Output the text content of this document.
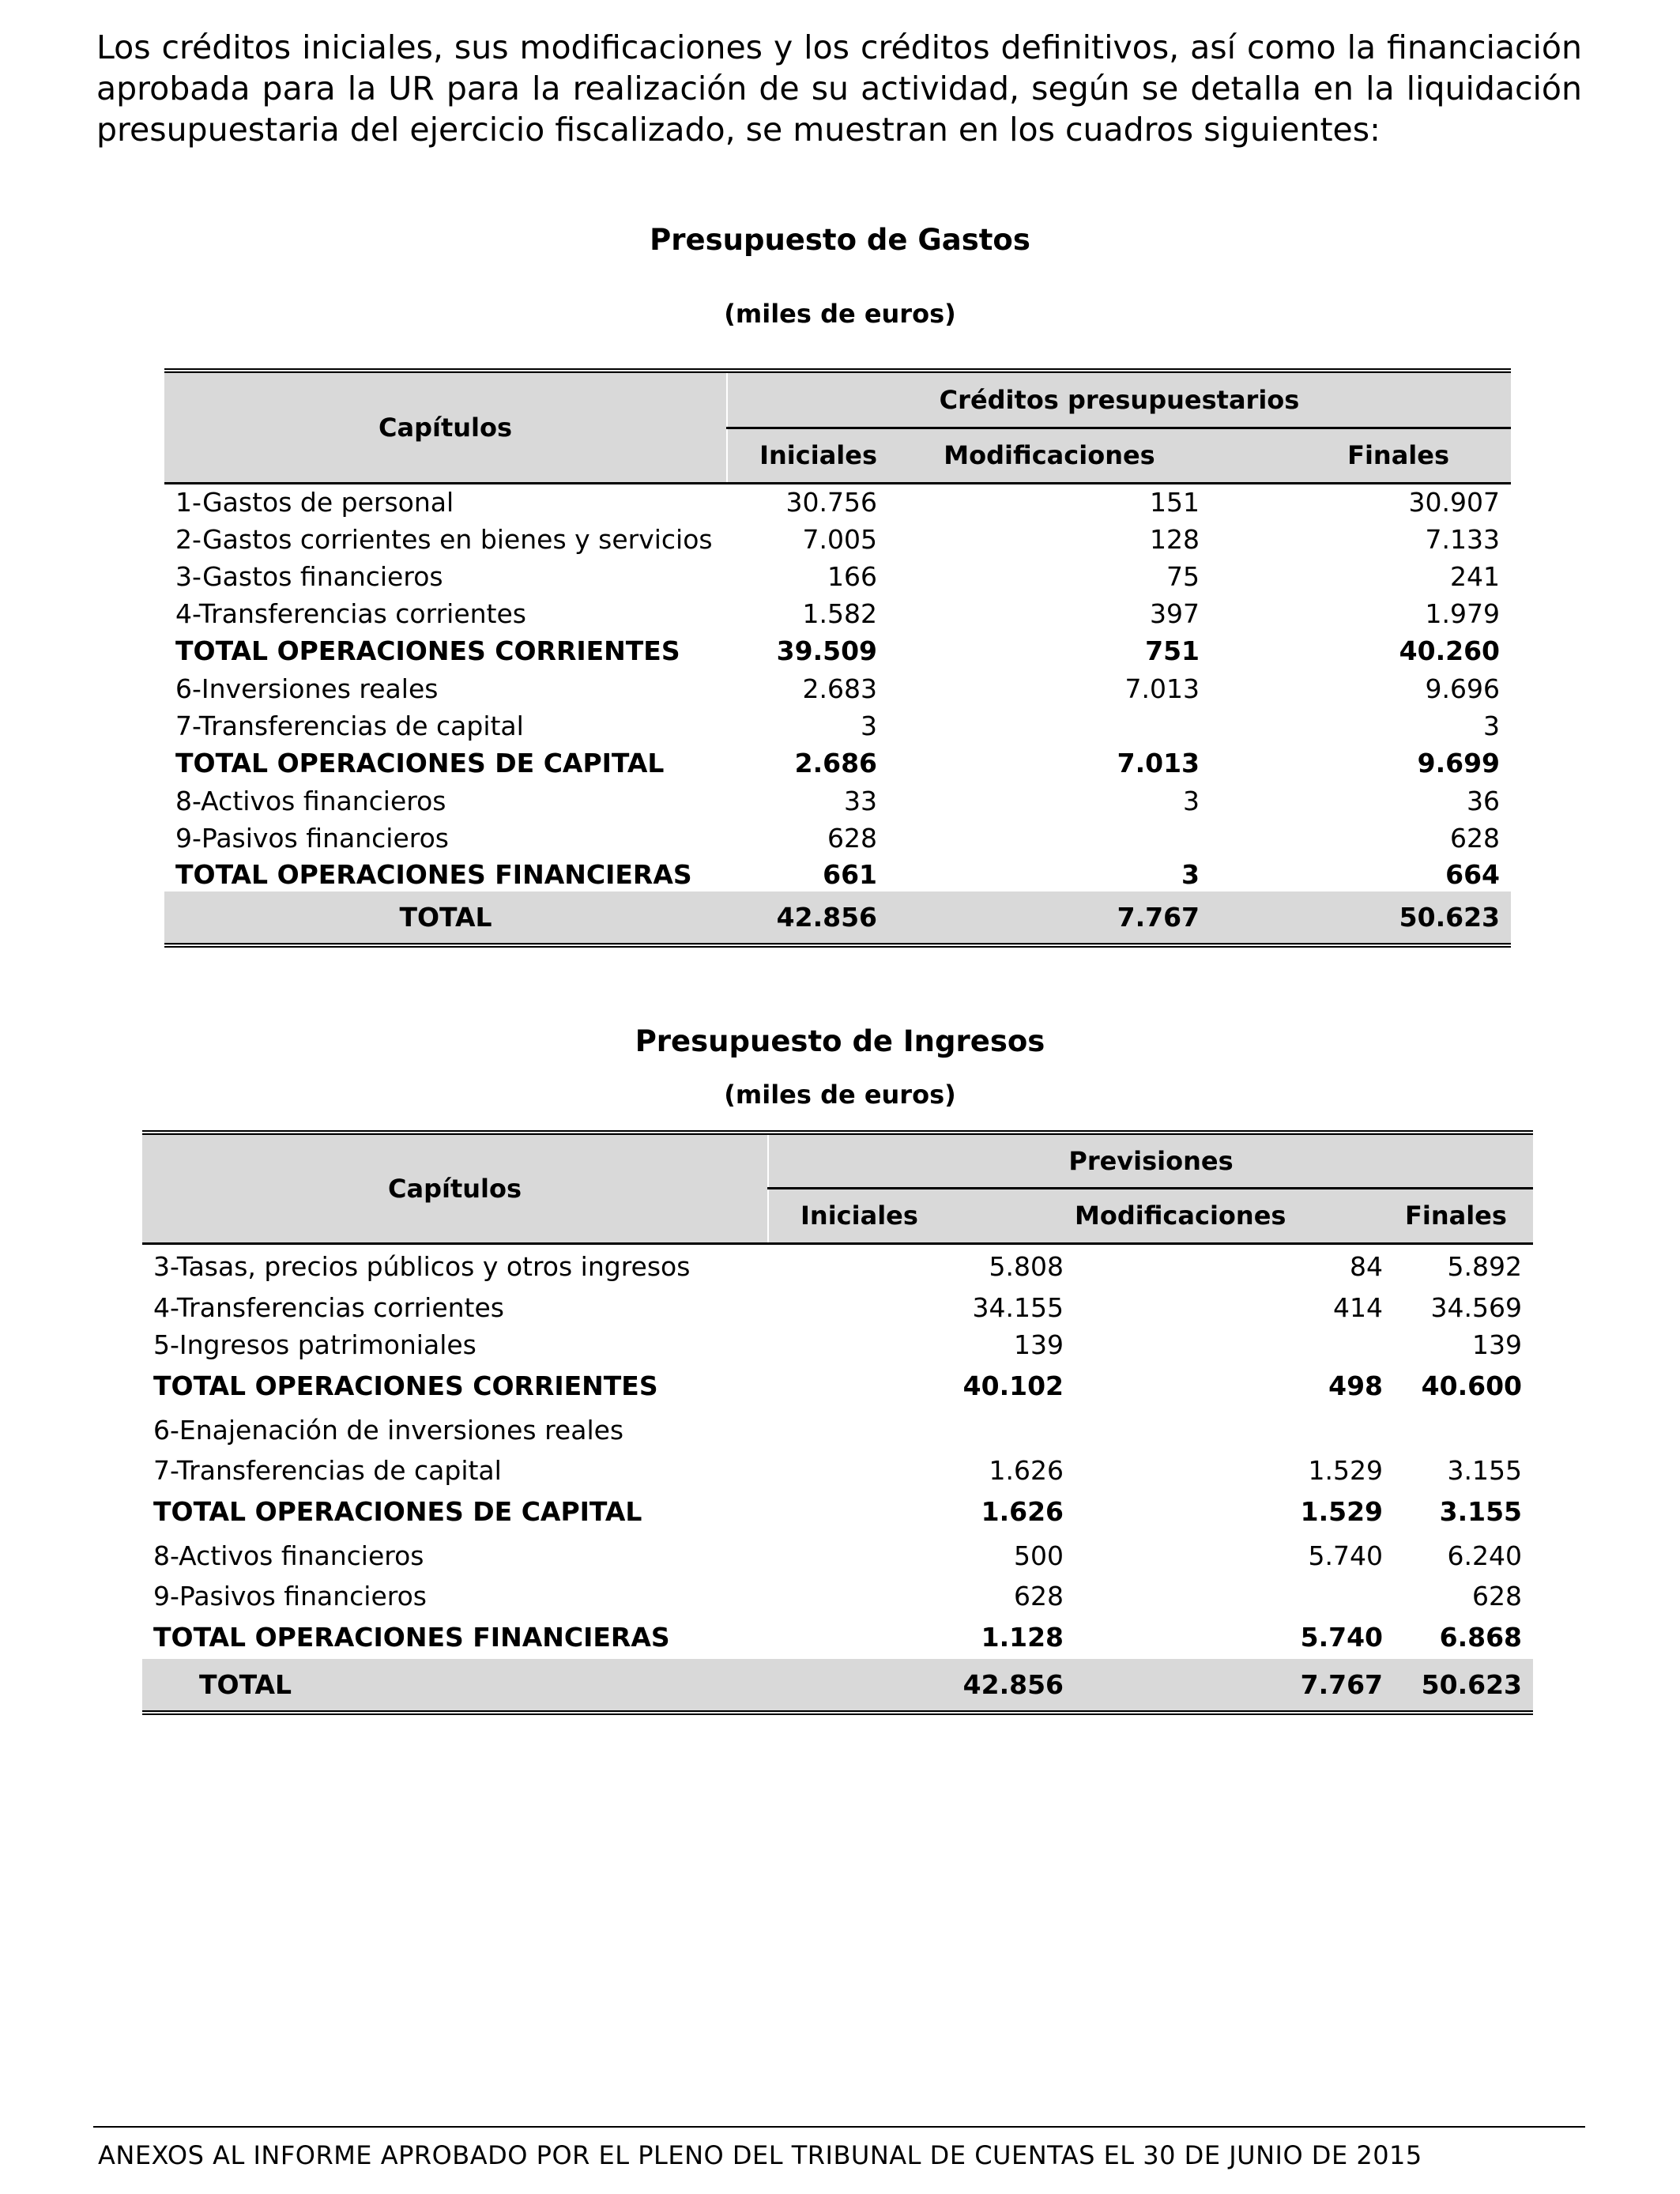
Los créditos iniciales, sus modificaciones y los créditos definitivos, así como la financiación aprobada para la UR para la realización de su actividad, según se detalla en la liquidación presupuestaria del ejercicio fiscalizado, se muestran en los cuadros siguientes:

Presupuesto de Gastos
(miles de euros)
Capítulos	Créditos presupuestarios		
	Iniciales	Modificaciones	Finales
1-Gastos de personal	30.756	151	30.907
2-Gastos corrientes en bienes y servicios	7.005	128	7.133
3-Gastos financieros	166	75	241
4-Transferencias corrientes	1.582	397	1.979
TOTAL OPERACIONES CORRIENTES	39.509	751	40.260
6-Inversiones reales	2.683	7.013	9.696
7-Transferencias de capital	3		3
TOTAL OPERACIONES DE CAPITAL	2.686	7.013	9.699
8-Activos financieros	33	3	36
9-Pasivos financieros	628		628
TOTAL OPERACIONES FINANCIERAS	661	3	664
TOTAL	42.856	7.767	50.623
Presupuesto de Ingresos
(miles de euros)
Capítulos	Previsiones		
	Iniciales	Modificaciones	Finales
3-Tasas, precios públicos y otros ingresos	5.808	84	5.892
4-Transferencias corrientes	34.155	414	34.569
5-Ingresos patrimoniales	139		139
TOTAL OPERACIONES CORRIENTES	40.102	498	40.600
6-Enajenación de inversiones reales			
7-Transferencias de capital	1.626	1.529	3.155
TOTAL OPERACIONES DE CAPITAL	1.626	1.529	3.155
8-Activos financieros	500	5.740	6.240
9-Pasivos financieros	628		628
TOTAL OPERACIONES FINANCIERAS	1.128	5.740	6.868
TOTAL	42.856	7.767	50.623

ANEXOS AL INFORME APROBADO POR EL PLENO DEL TRIBUNAL DE CUENTAS EL 30 DE JUNIO DE 2015
